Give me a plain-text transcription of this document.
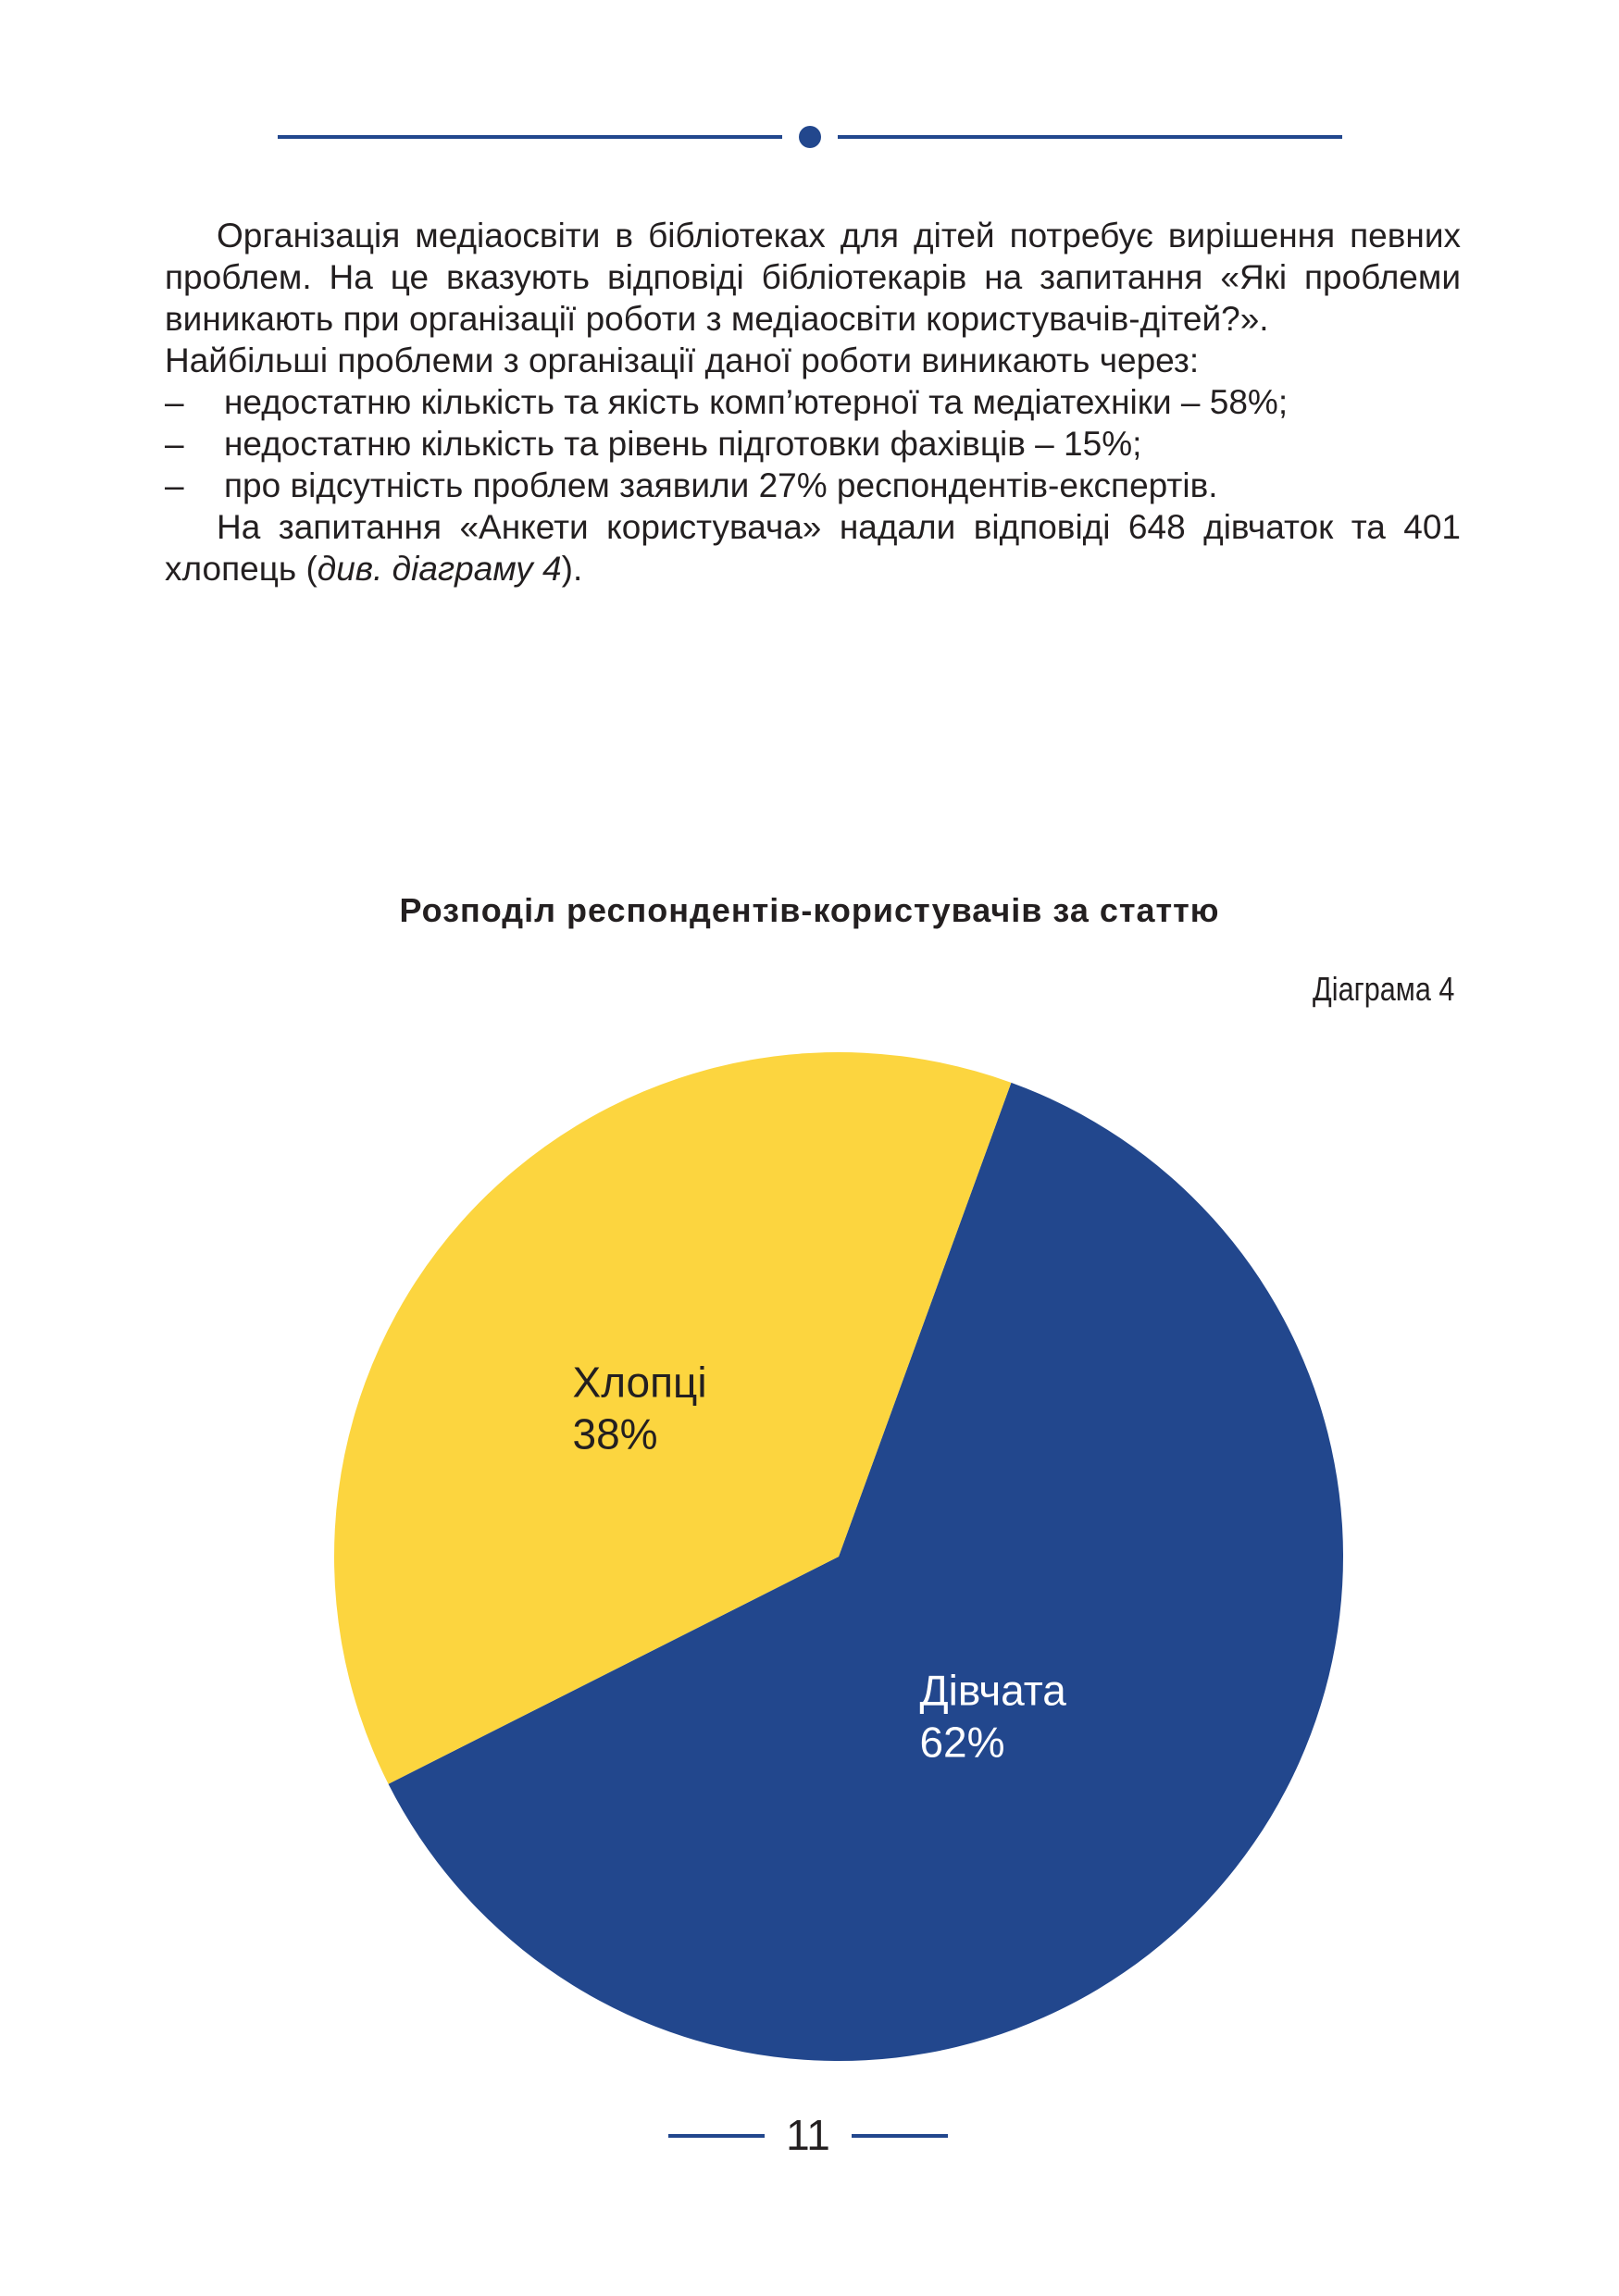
Організація медіаосвіти в бібліотеках для дітей потребує вирішення певних проблем. На це вказують відповіді бібліотекарів на запитання «Які проблеми виникають при організації роботи з медіаосвіти користувачів-дітей?».

Найбільші проблеми з організації даної роботи виникають через:

– недостатню кількість та якість комп’ютерної та медіатехніки – 58%;

– недостатню кількість та рівень підготовки фахівців – 15%;

– про відсутність проблем заявили 27% респондентів-експертів.

На запитання «Анкети користувача» надали відповіді 648 дівчаток та 401 хлопець (див. діаграму 4).

Розподіл респондентів-користувачів за статтю
Діаграма 4
Дівчата
62%
Хлопці
38%
11
